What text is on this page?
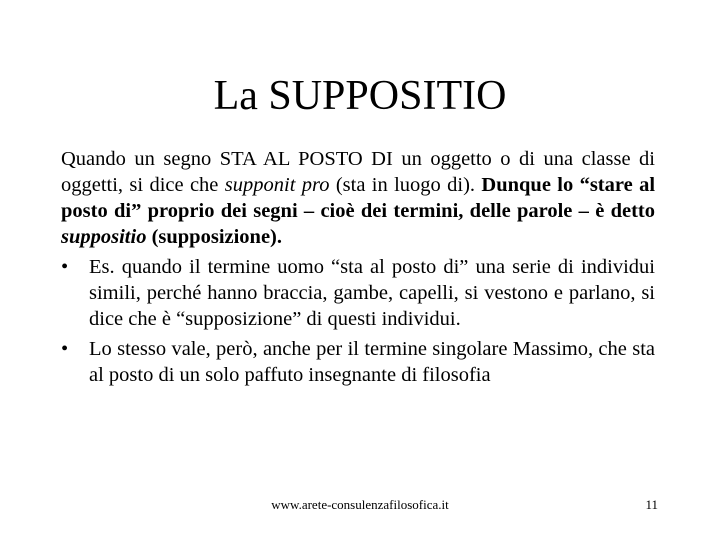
La SUPPOSITIO

Quando un segno STA AL POSTO DI un oggetto o di una classe di oggetti, si dice che supponit pro (sta in luogo di). Dunque lo “stare al posto di” proprio dei segni – cioè dei termini, delle parole – è detto suppositio (supposizione).

• Es. quando il termine uomo “sta al posto di” una serie di individui simili, perché hanno braccia, gambe, capelli, si vestono e parlano, si dice che è “supposizione” di questi individui.
• Lo stesso vale, però, anche per il termine singolare Massimo, che sta al posto di un solo paffuto insegnante di filosofia
www.arete-consulenzafilosofica.it	11
